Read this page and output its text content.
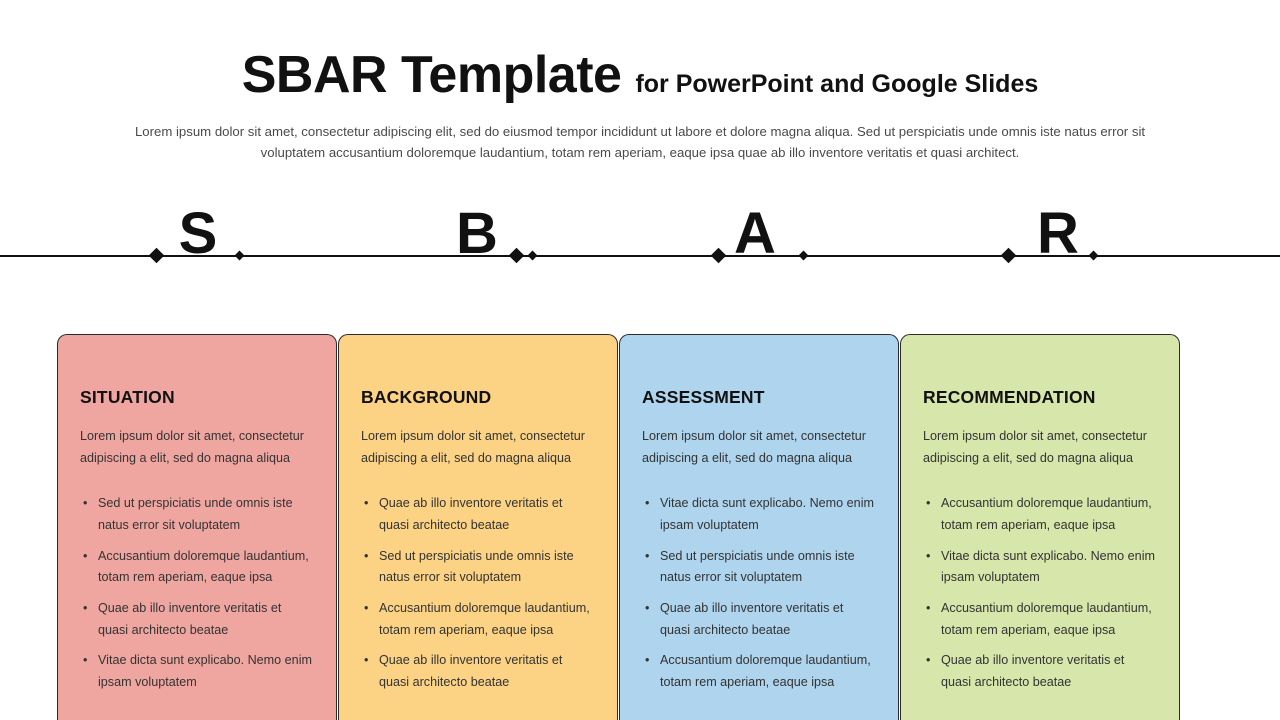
SBAR Template for PowerPoint and Google Slides

Lorem ipsum dolor sit amet, consectetur adipiscing elit, sed do eiusmod tempor incididunt ut labore et dolore magna aliqua. Sed ut perspiciatis unde omnis iste natus error sit voluptatem accusantium doloremque laudantium, totam rem aperiam, eaque ipsa quae ab illo inventore veritatis et quasi architect.

S	B	A	R
SITUATION

Lorem ipsum dolor sit amet, consectetur adipiscing a elit, sed do magna aliqua

• Sed ut perspiciatis unde omnis iste natus error sit voluptatem
• Accusantium doloremque laudantium, totam rem aperiam, eaque ipsa
• Quae ab illo inventore veritatis et quasi architecto beatae
• Vitae dicta sunt explicabo. Nemo enim ipsam voluptatem
BACKGROUND

Lorem ipsum dolor sit amet, consectetur adipiscing a elit, sed do magna aliqua

• Quae ab illo inventore veritatis et quasi architecto beatae
• Sed ut perspiciatis unde omnis iste natus error sit voluptatem
• Accusantium doloremque laudantium, totam rem aperiam, eaque ipsa
• Quae ab illo inventore veritatis et quasi architecto beatae
ASSESSMENT

Lorem ipsum dolor sit amet, consectetur adipiscing a elit, sed do magna aliqua

• Vitae dicta sunt explicabo. Nemo enim ipsam voluptatem
• Sed ut perspiciatis unde omnis iste natus error sit voluptatem
• Quae ab illo inventore veritatis et quasi architecto beatae
• Accusantium doloremque laudantium, totam rem aperiam, eaque ipsa
RECOMMENDATION

Lorem ipsum dolor sit amet, consectetur adipiscing a elit, sed do magna aliqua

• Accusantium doloremque laudantium, totam rem aperiam, eaque ipsa
• Vitae dicta sunt explicabo. Nemo enim ipsam voluptatem
• Accusantium doloremque laudantium, totam rem aperiam, eaque ipsa
• Quae ab illo inventore veritatis et quasi architecto beatae
